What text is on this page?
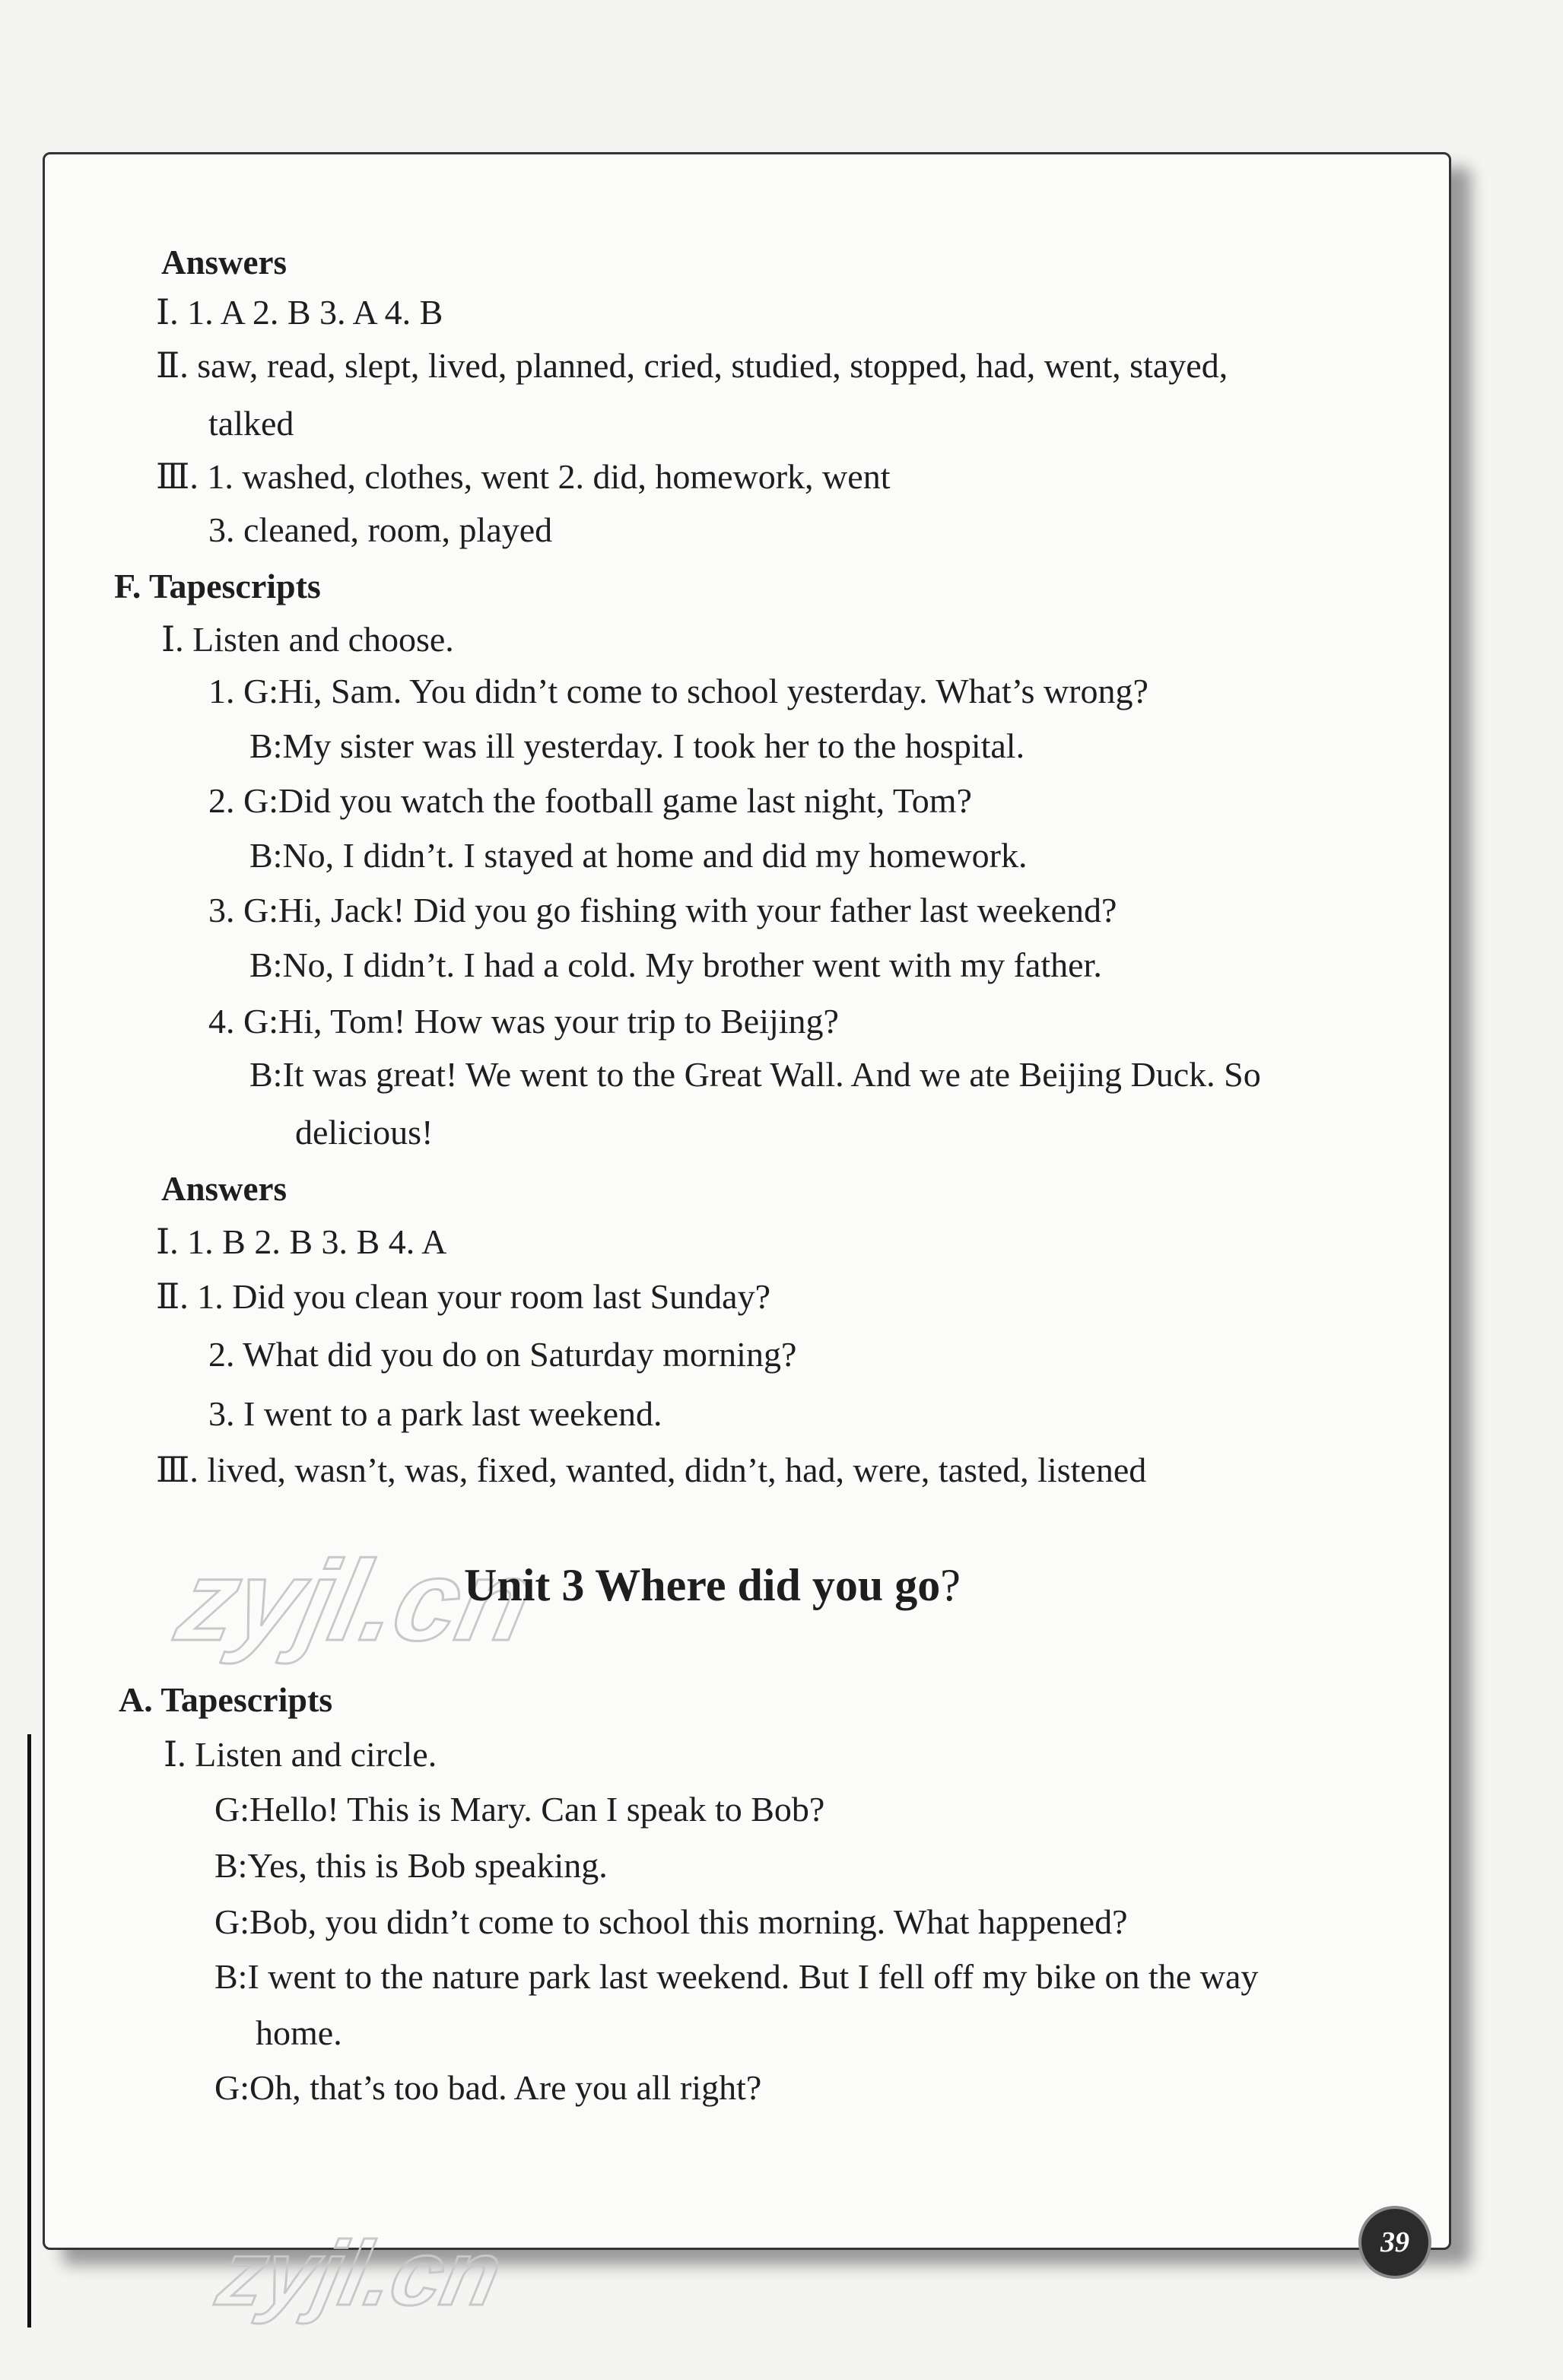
Answers
Ⅰ. 1. A 2. B 3. A 4. B
Ⅱ. saw, read, slept, lived, planned, cried, studied, stopped, had, went, stayed,
talked
Ⅲ. 1. washed, clothes, went 2. did, homework, went
3. cleaned, room, played
F. Tapescripts
Ⅰ. Listen and choose.
1. G:Hi, Sam. You didn’t come to school yesterday. What’s wrong?
B:My sister was ill yesterday. I took her to the hospital.
2. G:Did you watch the football game last night, Tom?
B:No, I didn’t. I stayed at home and did my homework.
3. G:Hi, Jack! Did you go fishing with your father last weekend?
B:No, I didn’t. I had a cold. My brother went with my father.
4. G:Hi, Tom! How was your trip to Beijing?
B:It was great! We went to the Great Wall. And we ate Beijing Duck. So
delicious!
Answers
Ⅰ. 1. B 2. B 3. B 4. A
Ⅱ. 1. Did you clean your room last Sunday?
2. What did you do on Saturday morning?
3. I went to a park last weekend.
Ⅲ. lived, wasn’t, was, fixed, wanted, didn’t, had, were, tasted, listened
zyjl.cn
Unit 3 Where did you go?
A. Tapescripts
Ⅰ. Listen and circle.
G:Hello! This is Mary. Can I speak to Bob?
B:Yes, this is Bob speaking.
G:Bob, you didn’t come to school this morning. What happened?
B:I went to the nature park last weekend. But I fell off my bike on the way
home.
G:Oh, that’s too bad. Are you all right?
zyjl.cn	39
